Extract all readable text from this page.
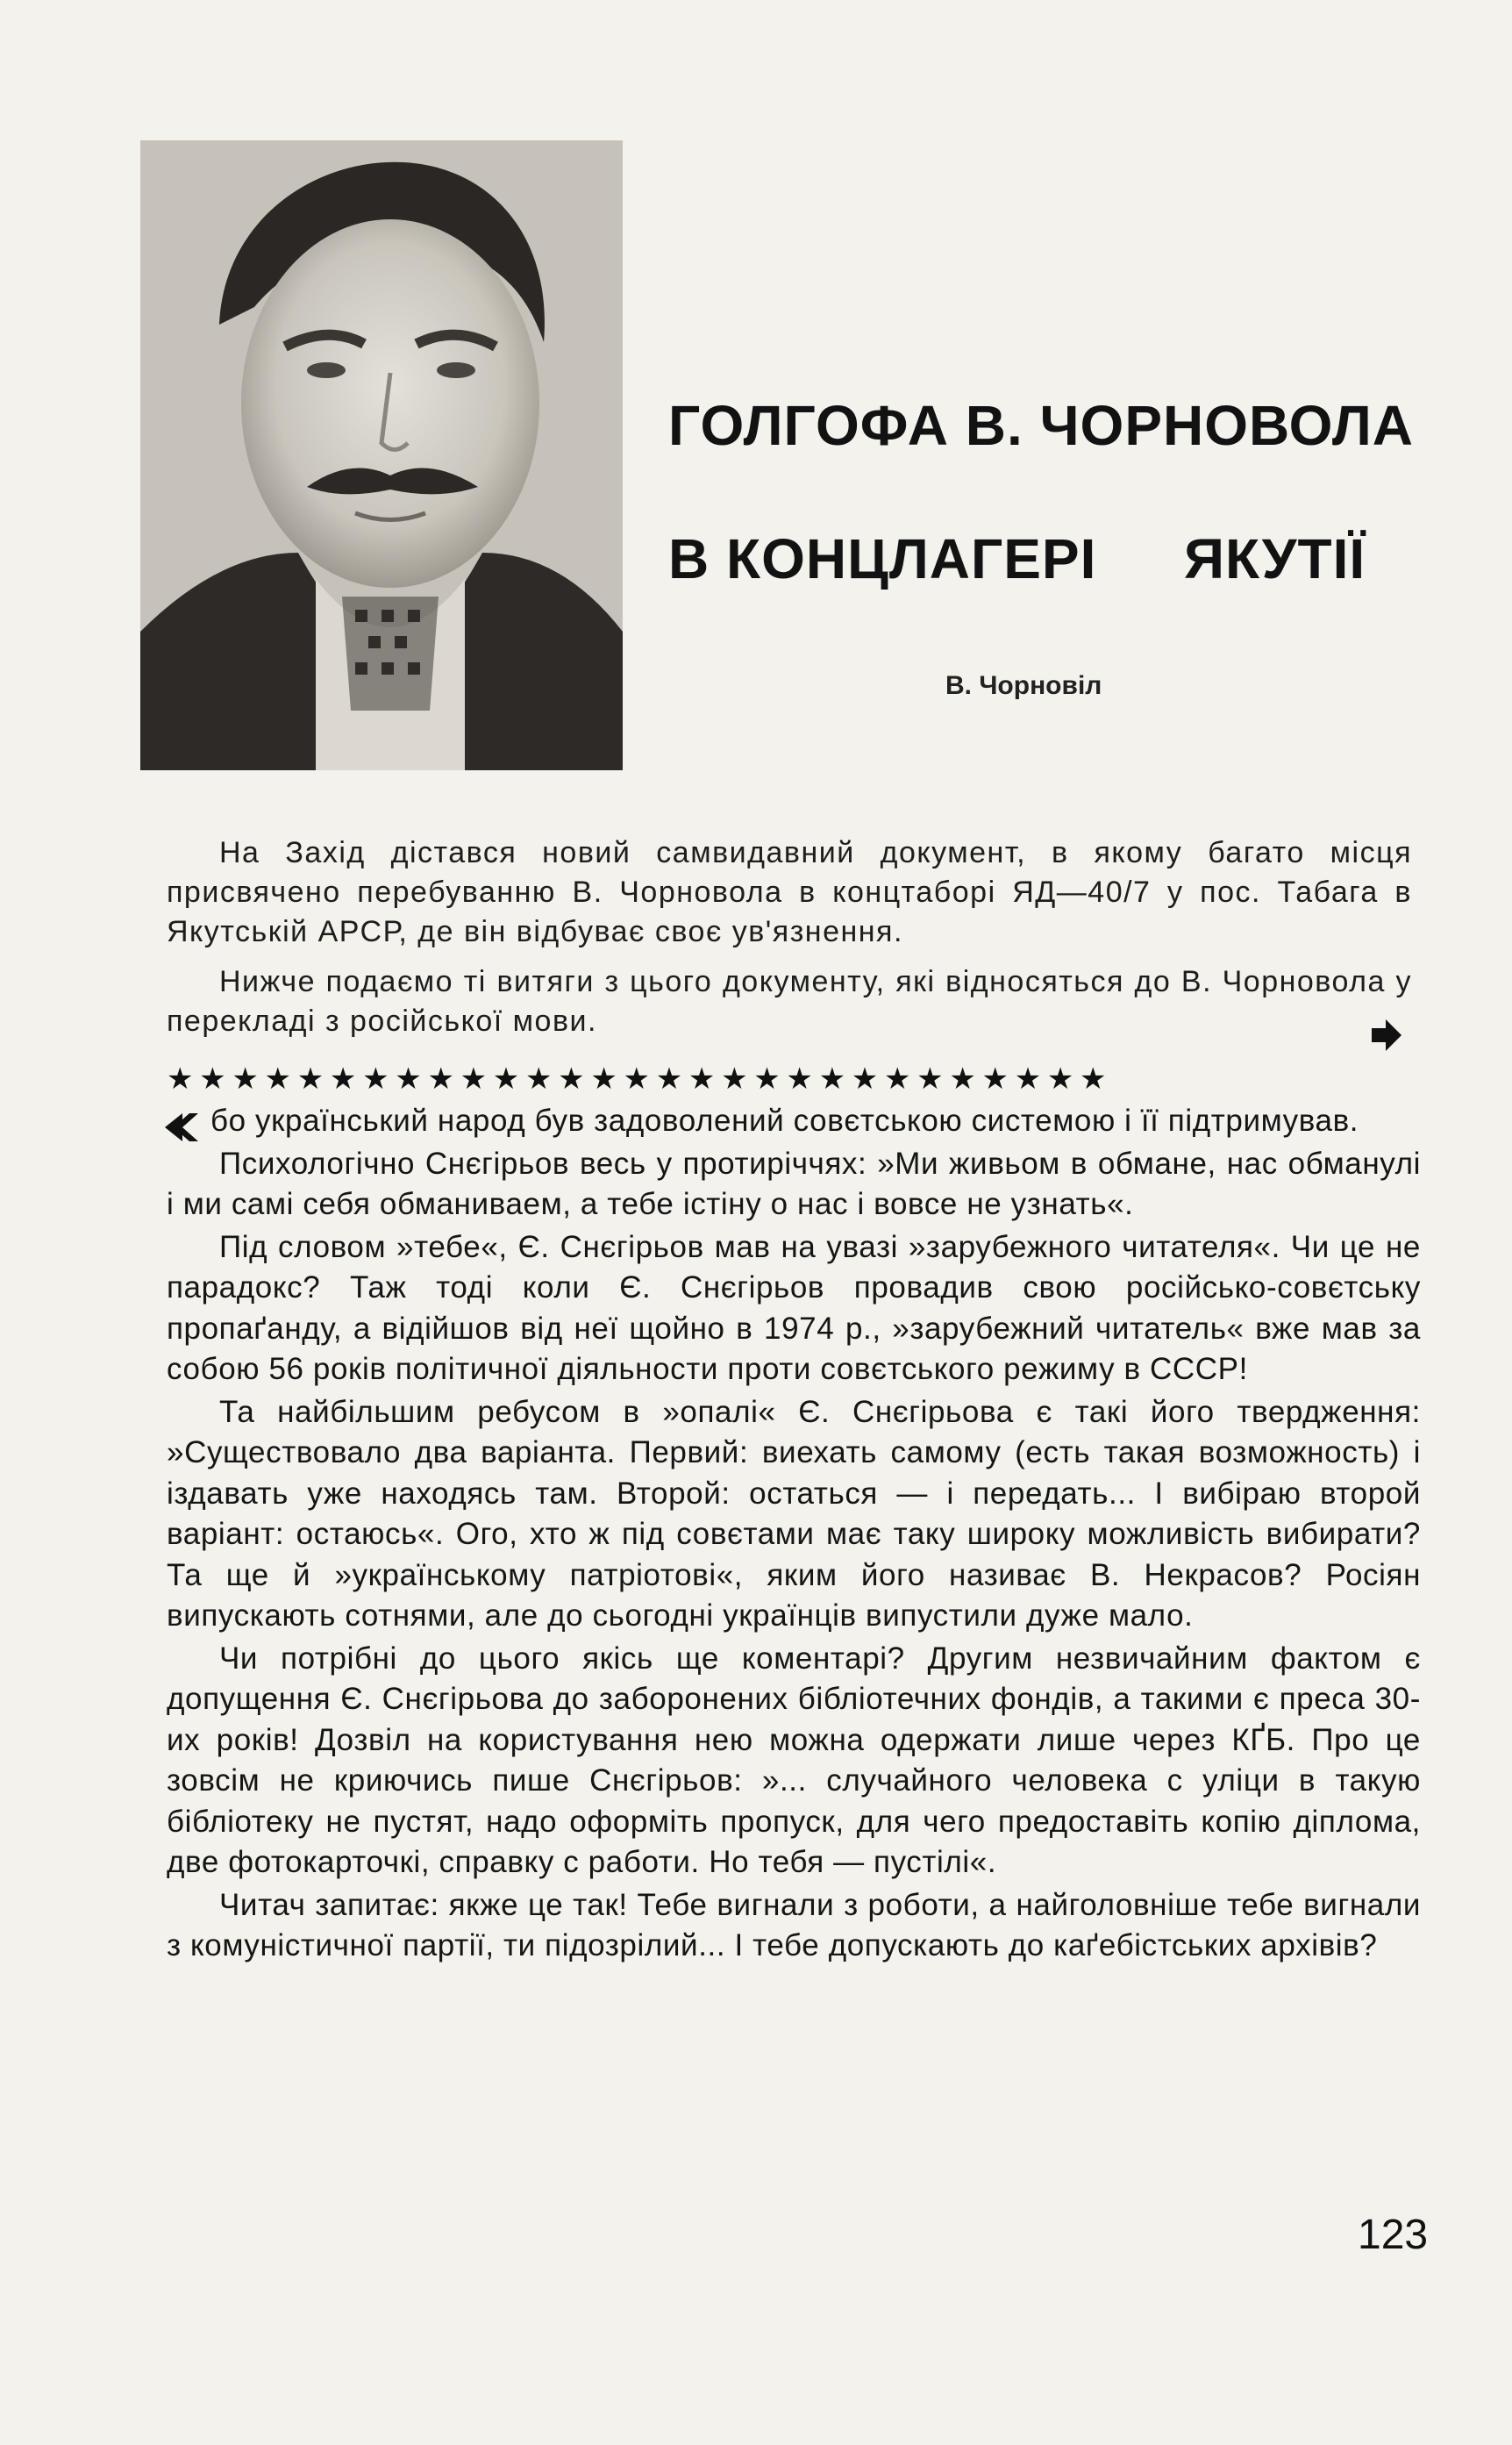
ГОЛГОФА В. ЧОРНОВОЛА
В КОНЦЛАГЕРІ ЯКУТІЇ
В. Чорновіл

На Захід дістався новий самвидавний документ, в якому багато місця присвячено перебуванню В. Чорновола в концтаборі ЯД—40/7 у пос. Табага в Якутській АРСР, де він відбуває своє ув'язнення.

Нижче подаємо ті витяги з цього документу, які відносяться до В. Чорновола у перекладі з російської мови.

★★★★★★★★★★★★★★★★★★★★★★★★★★★★★

бо український народ був задоволений совєтською системою і її підтримував.

Психологічно Снєгірьов весь у протиріччях: »Ми живьом в обмане, нас обманулі і ми самі себя обманиваем, а тебе істіну о нас і вовсе не узнать«.

Під словом »тебе«, Є. Снєгірьов мав на увазі »зарубежного читателя«. Чи це не парадокс? Таж тоді коли Є. Снєгірьов провадив свою російсько-совєтську пропаґанду, а відійшов від неї щойно в 1974 р., »зарубежний читатель« вже мав за собою 56 років політичної діяльности проти совєтського режиму в СССР!

Та найбільшим ребусом в »опалі« Є. Снєгірьова є такі його твердження: »Существовало два варіанта. Первий: виехать самому (есть такая возможность) і іздавать уже находясь там. Второй: остаться — і передать... І вибіраю второй варіант: остаюсь«. Ого, хто ж під совєтами має таку широку можливість вибирати? Та ще й »українському патріотові«, яким його називає В. Некрасов? Росіян випускають сотнями, але до сьогодні українців випустили дуже мало.

Чи потрібні до цього якісь ще коментарі? Другим незвичайним фактом є допущення Є. Снєгірьова до заборонених бібліотечних фондів, а такими є преса 30-их років! Дозвіл на користування нею можна одержати лише через КҐБ. Про це зовсім не криючись пише Снєгірьов: »... случайного человека с уліци в такую бібліотеку не пустят, надо оформіть пропуск, для чего предоставіть копію діплома, две фотокарточкі, справку с работи. Но тебя — пустілі«.

Читач запитає: якже це так! Тебе вигнали з роботи, а найголовніше тебе вигнали з комуністичної партії, ти підозрілий... І тебе допускають до каґебістських архівів?

123
